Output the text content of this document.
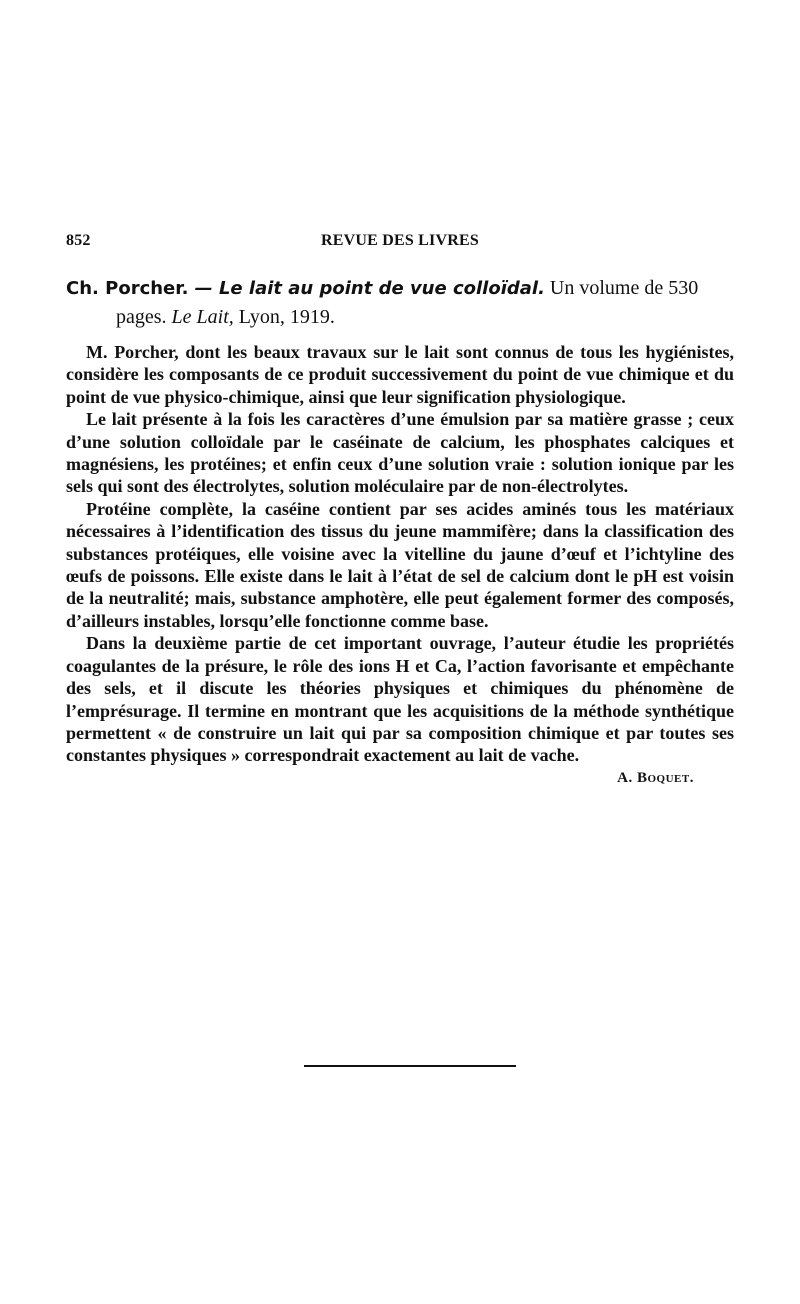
852	REVUE DES LIVRES

Ch. Porcher. — Le lait au point de vue colloïdal. Un volume de 530 pages. Le Lait, Lyon, 1919.

M. Porcher, dont les beaux travaux sur le lait sont connus de tous les hygiénistes, considère les composants de ce produit successivement du point de vue chimique et du point de vue physico-chimique, ainsi que leur signification physiologique.

Le lait présente à la fois les caractères d’une émulsion par sa matière grasse ; ceux d’une solution colloïdale par le caséinate de calcium, les phosphates calciques et magnésiens, les protéines; et enfin ceux d’une solution vraie : solution ionique par les sels qui sont des électrolytes, solution moléculaire par de non-électrolytes.

Protéine complète, la caséine contient par ses acides aminés tous les matériaux nécessaires à l’identification des tissus du jeune mammifère; dans la classification des substances protéiques, elle voisine avec la vitelline du jaune d’œuf et l’ichtyline des œufs de poissons. Elle existe dans le lait à l’état de sel de calcium dont le pH est voisin de la neutralité; mais, substance amphotère, elle peut également former des composés, d’ailleurs instables, lorsqu’elle fonctionne comme base.

Dans la deuxième partie de cet important ouvrage, l’auteur étudie les propriétés coagulantes de la présure, le rôle des ions H et Ca, l’action favorisante et empêchante des sels, et il discute les théories physiques et chimiques du phénomène de l’emprésurage. Il termine en montrant que les acquisitions de la méthode synthétique permettent « de construire un lait qui par sa composition chimique et par toutes ses constantes physiques » correspondrait exactement au lait de vache.

A. Boquet.
